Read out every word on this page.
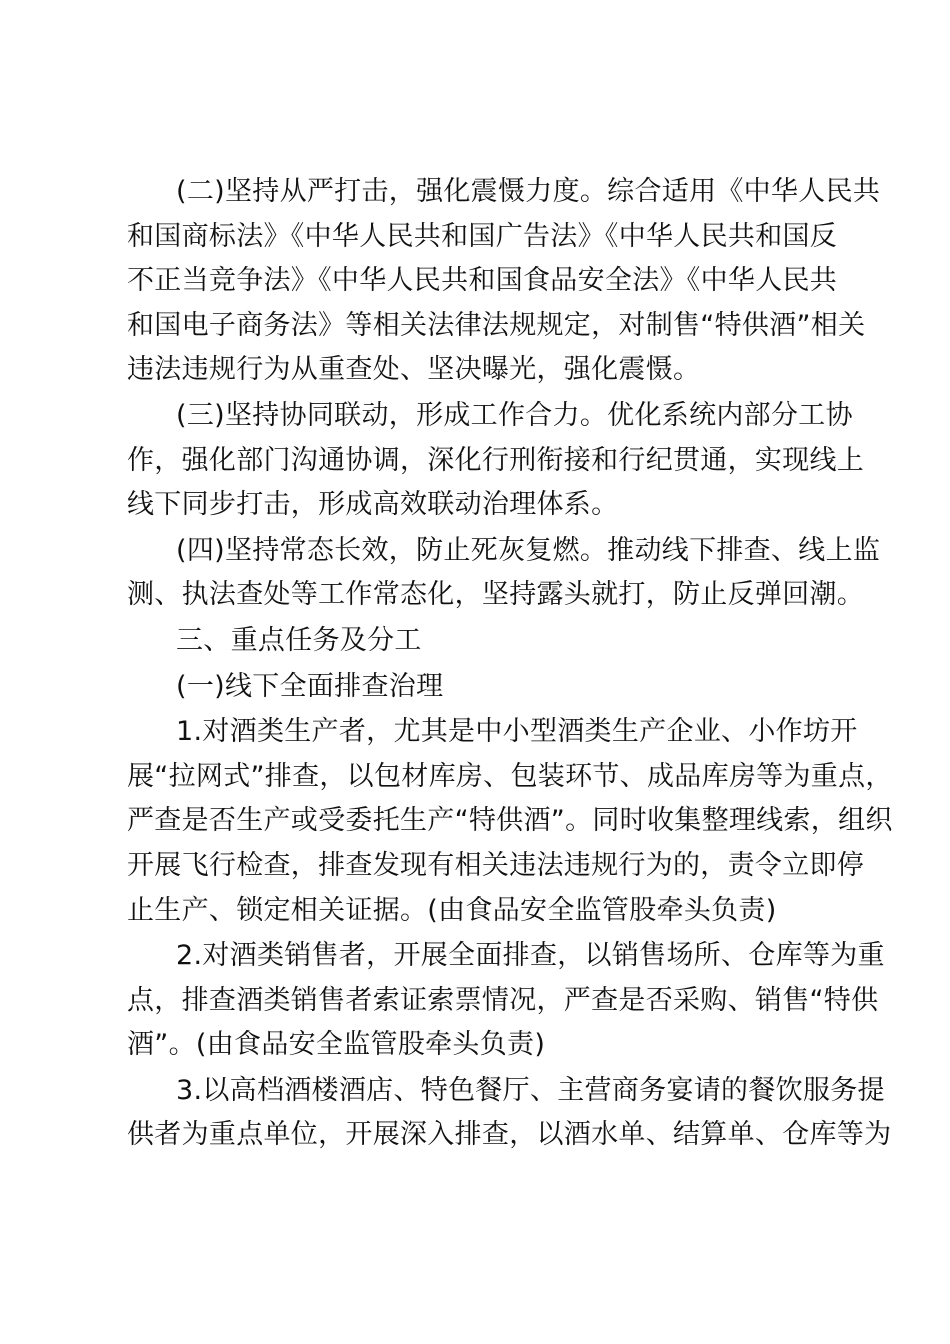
(二)坚持从严打击，强化震慑力度。综合适用《中华人民共
和国商标法》《中华人民共和国广告法》《中华人民共和国反
不正当竞争法》《中华人民共和国食品安全法》《中华人民共
和国电子商务法》等相关法律法规规定，对制售“特供酒”相关
违法违规行为从重查处、坚决曝光，强化震慑。
(三)坚持协同联动，形成工作合力。优化系统内部分工协
作，强化部门沟通协调，深化行刑衔接和行纪贯通，实现线上
线下同步打击，形成高效联动治理体系。
(四)坚持常态长效，防止死灰复燃。推动线下排查、线上监
测、执法查处等工作常态化，坚持露头就打，防止反弹回潮。
三、重点任务及分工
(一)线下全面排查治理
1.对酒类生产者，尤其是中小型酒类生产企业、小作坊开
展“拉网式”排查，以包材库房、包装环节、成品库房等为重点，
严查是否生产或受委托生产“特供酒”。同时收集整理线索，组织
开展飞行检查，排查发现有相关违法违规行为的，责令立即停
止生产、锁定相关证据。(由食品安全监管股牵头负责)
2.对酒类销售者，开展全面排查，以销售场所、仓库等为重
点，排查酒类销售者索证索票情况，严查是否采购、销售“特供
酒”。(由食品安全监管股牵头负责)
3.以高档酒楼酒店、特色餐厅、主营商务宴请的餐饮服务提
供者为重点单位，开展深入排查，以酒水单、结算单、仓库等为
